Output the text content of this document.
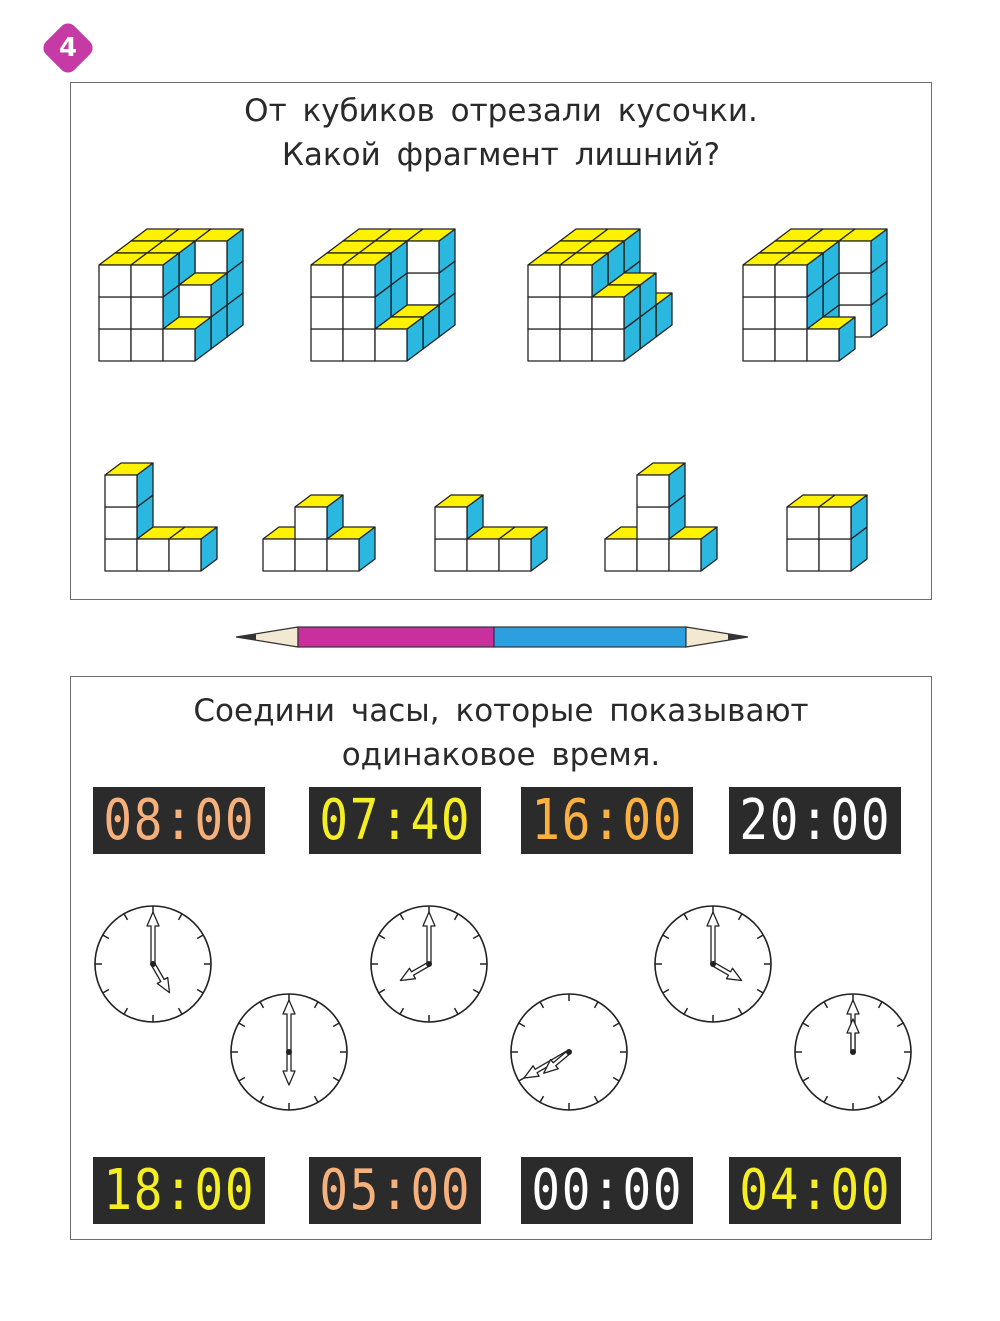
4
От кубиков отрезали кусочки.
Какой фрагмент лишний?
Соедини часы, которые показывают
одинаковое время.
08:00 07:40 16:00 20:00
18:00 05:00 00:00 04:00
